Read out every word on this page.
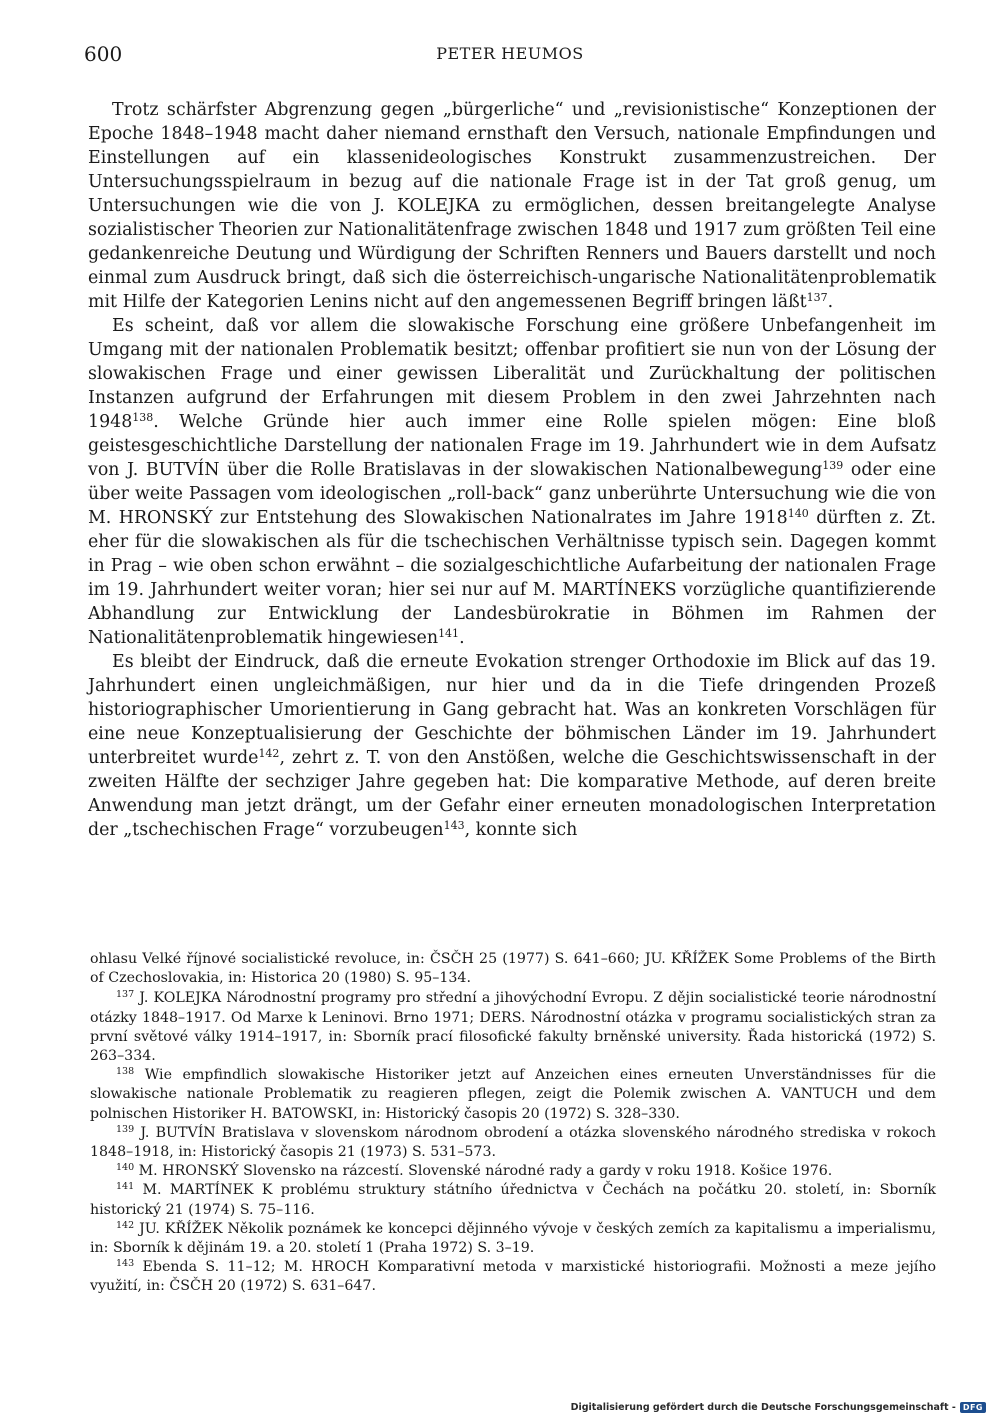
600	PETER HEUMOS

Trotz schärfster Abgrenzung gegen „bürgerliche“ und „revisionistische“ Konzeptionen der Epoche 1848–1948 macht daher niemand ernsthaft den Versuch, nationale Empfindungen und Einstellungen auf ein klassenideologisches Konstrukt zusammenzustreichen. Der Untersuchungsspielraum in bezug auf die nationale Frage ist in der Tat groß genug, um Untersuchungen wie die von J. KOLEJKA zu ermöglichen, dessen breitangelegte Analyse sozialistischer Theorien zur Nationalitätenfrage zwischen 1848 und 1917 zum größten Teil eine gedankenreiche Deutung und Würdigung der Schriften Renners und Bauers darstellt und noch einmal zum Ausdruck bringt, daß sich die österreichisch-ungarische Nationalitätenproblematik mit Hilfe der Kategorien Lenins nicht auf den angemessenen Begriff bringen läßt$^{137}$.

Es scheint, daß vor allem die slowakische Forschung eine größere Unbefangenheit im Umgang mit der nationalen Problematik besitzt; offenbar profitiert sie nun von der Lösung der slowakischen Frage und einer gewissen Liberalität und Zurückhaltung der politischen Instanzen aufgrund der Erfahrungen mit diesem Problem in den zwei Jahrzehnten nach 1948$^{138}$. Welche Gründe hier auch immer eine Rolle spielen mögen: Eine bloß geistesgeschichtliche Darstellung der nationalen Frage im 19. Jahrhundert wie in dem Aufsatz von J. BUTVÍN über die Rolle Bratislavas in der slowakischen Nationalbewegung$^{139}$ oder eine über weite Passagen vom ideologischen „roll-back“ ganz unberührte Untersuchung wie die von M. HRONSKÝ zur Entstehung des Slowakischen Nationalrates im Jahre 1918$^{140}$ dürften z. Zt. eher für die slowakischen als für die tschechischen Verhältnisse typisch sein. Dagegen kommt in Prag – wie oben schon erwähnt – die sozialgeschichtliche Aufarbeitung der nationalen Frage im 19. Jahrhundert weiter voran; hier sei nur auf M. MARTÍNEKS vorzügliche quantifizierende Abhandlung zur Entwicklung der Landesbürokratie in Böhmen im Rahmen der Nationalitätenproblematik hingewiesen$^{141}$.

Es bleibt der Eindruck, daß die erneute Evokation strenger Orthodoxie im Blick auf das 19. Jahrhundert einen ungleichmäßigen, nur hier und da in die Tiefe dringenden Prozeß historiographischer Umorientierung in Gang gebracht hat. Was an konkreten Vorschlägen für eine neue Konzeptualisierung der Geschichte der böhmischen Länder im 19. Jahrhundert unterbreitet wurde$^{142}$, zehrt z. T. von den Anstößen, welche die Geschichtswissenschaft in der zweiten Hälfte der sechziger Jahre gegeben hat: Die komparative Methode, auf deren breite Anwendung man jetzt drängt, um der Gefahr einer erneuten monadologischen Interpretation der „tschechischen Frage“ vorzubeugen$^{143}$, konnte sich

ohlasu Velké říjnové socialistické revoluce, in: ČSČH 25 (1977) S. 641–660; JU. KŘÍŽEK Some Problems of the Birth of Czechoslovakia, in: Historica 20 (1980) S. 95–134.

$^{137}$ J. KOLEJKA Národnostní programy pro střední a jihovýchodní Evropu. Z dějin socialistické teorie národnostní otázky 1848–1917. Od Marxe k Leninovi. Brno 1971; DERS. Národnostní otázka v programu socialistických stran za první světové války 1914–1917, in: Sborník prací filosofické fakulty brněnské university. Řada historická (1972) S. 263–334.

$^{138}$ Wie empfindlich slowakische Historiker jetzt auf Anzeichen eines erneuten Unverständnisses für die slowakische nationale Problematik zu reagieren pflegen, zeigt die Polemik zwischen A. VANTUCH und dem polnischen Historiker H. BATOWSKI, in: Historický časopis 20 (1972) S. 328–330.

$^{139}$ J. BUTVÍN Bratislava v slovenskom národnom obrodení a otázka slovenského národného strediska v rokoch 1848–1918, in: Historický časopis 21 (1973) S. 531–573.

$^{140}$ M. HRONSKÝ Slovensko na rázcestí. Slovenské národné rady a gardy v roku 1918. Košice 1976.

$^{141}$ M. MARTÍNEK K problému struktury státního úřednictva v Čechách na počátku 20. století, in: Sborník historický 21 (1974) S. 75–116.

$^{142}$ JU. KŘÍŽEK Několik poznámek ke koncepci dějinného vývoje v českých zemích za kapitalismu a imperialismu, in: Sborník k dějinám 19. a 20. století 1 (Praha 1972) S. 3–19.

$^{143}$ Ebenda S. 11–12; M. HROCH Komparativní metoda v marxistické historiografii. Možnosti a meze jejího využití, in: ČSČH 20 (1972) S. 631–647.

Digitalisierung gefördert durch die Deutsche Forschungsgemeinschaft - DFG
